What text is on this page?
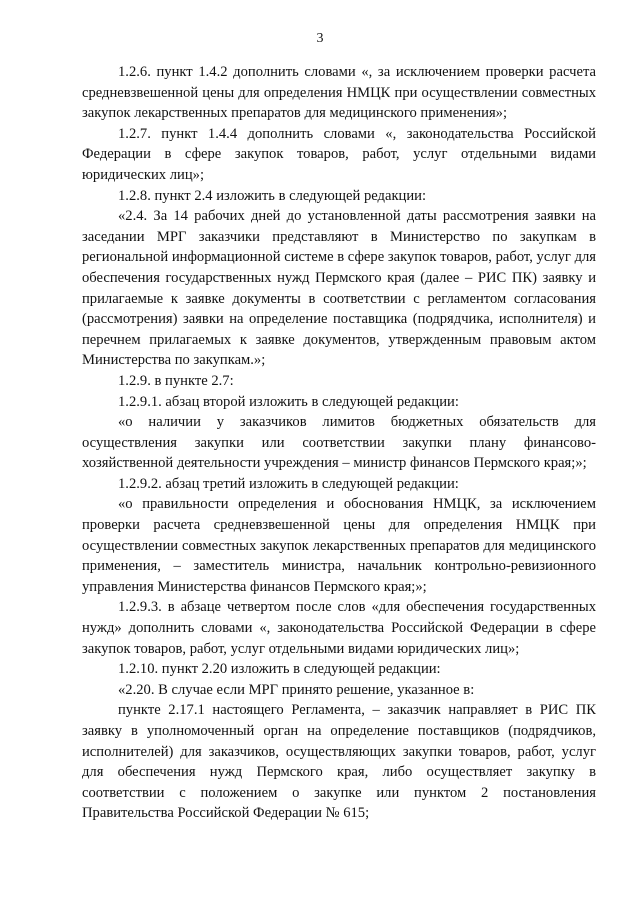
3

1.2.6. пункт 1.4.2 дополнить словами «, за исключением проверки расчета средневзвешенной цены для определения НМЦК при осуществлении совместных закупок лекарственных препаратов для медицинского применения»;

1.2.7. пункт 1.4.4 дополнить словами «, законодательства Российской Федерации в сфере закупок товаров, работ, услуг отдельными видами юридических лиц»;

1.2.8. пункт 2.4 изложить в следующей редакции:

«2.4. За 14 рабочих дней до установленной даты рассмотрения заявки на заседании МРГ заказчики представляют в Министерство по закупкам в региональной информационной системе в сфере закупок товаров, работ, услуг для обеспечения государственных нужд Пермского края (далее – РИС ПК) заявку и прилагаемые к заявке документы в соответствии с регламентом согласования (рассмотрения) заявки на определение поставщика (подрядчика, исполнителя) и перечнем прилагаемых к заявке документов, утвержденным правовым актом Министерства по закупкам.»;

1.2.9. в пункте 2.7:

1.2.9.1. абзац второй изложить в следующей редакции:

«о наличии у заказчиков лимитов бюджетных обязательств для осуществления закупки или соответствии закупки плану финансово-хозяйственной деятельности учреждения – министр финансов Пермского края;»;

1.2.9.2. абзац третий изложить в следующей редакции:

«о правильности определения и обоснования НМЦК, за исключением проверки расчета средневзвешенной цены для определения НМЦК при осуществлении совместных закупок лекарственных препаратов для медицинского применения, – заместитель министра, начальник контрольно-ревизионного управления Министерства финансов Пермского края;»;

1.2.9.3. в абзаце четвертом после слов «для обеспечения государственных нужд» дополнить словами «, законодательства Российской Федерации в сфере закупок товаров, работ, услуг отдельными видами юридических лиц»;

1.2.10. пункт 2.20 изложить в следующей редакции:

«2.20. В случае если МРГ принято решение, указанное в:

пункте 2.17.1 настоящего Регламента, – заказчик направляет в РИС ПК заявку в уполномоченный орган на определение поставщиков (подрядчиков, исполнителей) для заказчиков, осуществляющих закупки товаров, работ, услуг для обеспечения нужд Пермского края, либо осуществляет закупку в соответствии с положением о закупке или пунктом 2 постановления Правительства Российской Федерации № 615;
